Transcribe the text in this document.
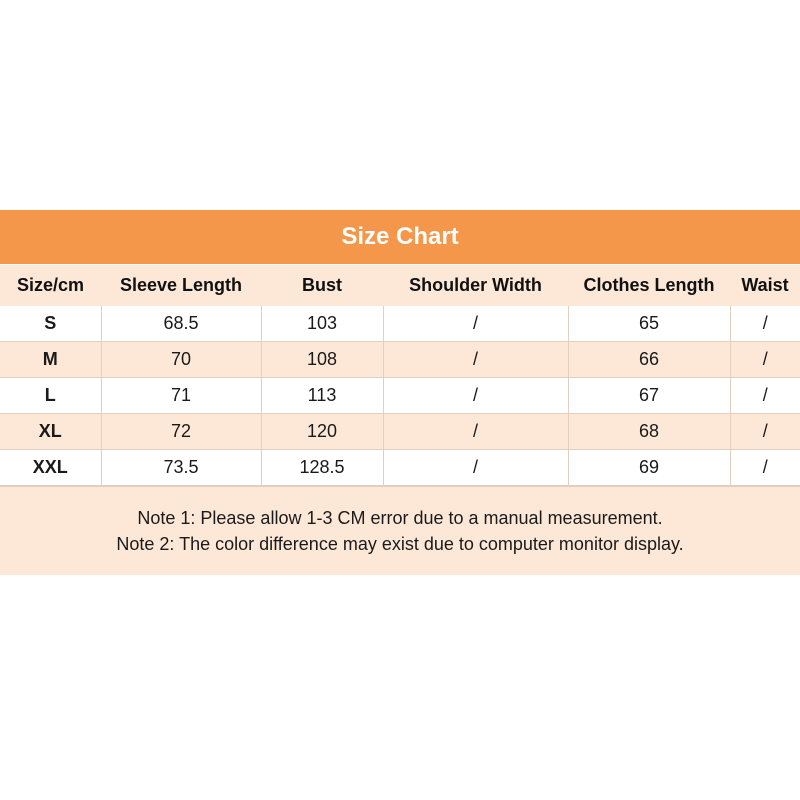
Size Chart
Size/cm	Sleeve Length	Bust	Shoulder Width	Clothes Length	Waist
S	68.5	103	/	65	/
M	70	108	/	66	/
L	71	113	/	67	/
XL	72	120	/	68	/
XXL	73.5	128.5	/	69	/
Note 1: Please allow 1-3 CM error due to a manual measurement.
Note 2: The color difference may exist due to computer monitor display.
